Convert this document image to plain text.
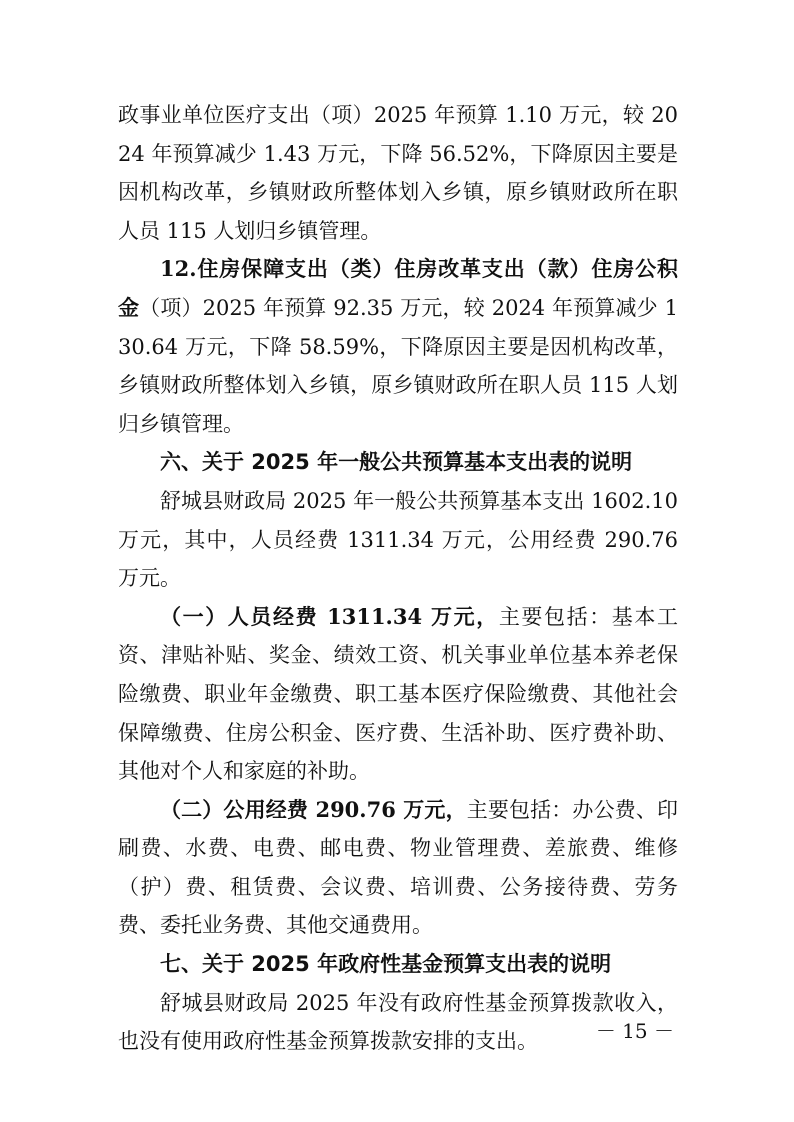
政事业单位医疗支出（项）2025 年预算 1.10 万元，较 2024 年预算减少 1.43 万元，下降 56.52%，下降原因主要是因机构改革，乡镇财政所整体划入乡镇，原乡镇财政所在职人员 115 人划归乡镇管理。

12.住房保障支出（类）住房改革支出（款）住房公积金（项）2025 年预算 92.35 万元，较 2024 年预算减少 130.64 万元，下降 58.59%，下降原因主要是因机构改革，乡镇财政所整体划入乡镇，原乡镇财政所在职人员 115 人划归乡镇管理。

六、关于 2025 年一般公共预算基本支出表的说明

舒城县财政局 2025 年一般公共预算基本支出 1602.10 万元，其中，人员经费 1311.34 万元，公用经费 290.76 万元。

（一）人员经费 1311.34 万元，主要包括：基本工资、津贴补贴、奖金、绩效工资、机关事业单位基本养老保险缴费、职业年金缴费、职工基本医疗保险缴费、其他社会保障缴费、住房公积金、医疗费、生活补助、医疗费补助、其他对个人和家庭的补助。

（二）公用经费 290.76 万元，主要包括：办公费、印刷费、水费、电费、邮电费、物业管理费、差旅费、维修（护）费、租赁费、会议费、培训费、公务接待费、劳务费、委托业务费、其他交通费用。

七、关于 2025 年政府性基金预算支出表的说明

舒城县财政局 2025 年没有政府性基金预算拨款收入，也没有使用政府性基金预算拨款安排的支出。	－ 15 －
